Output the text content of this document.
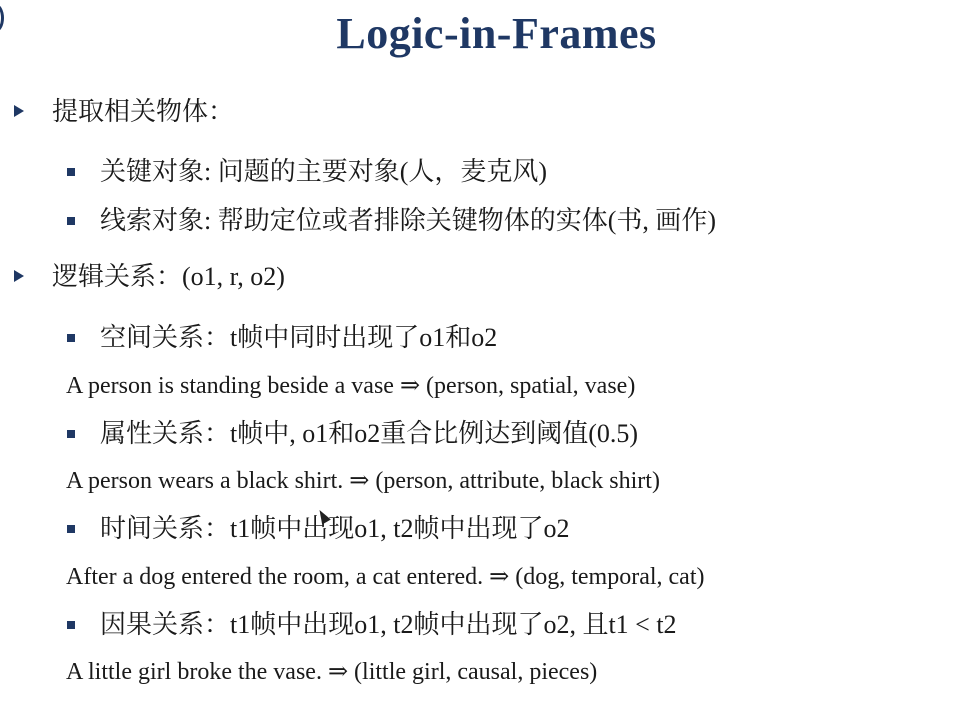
Logic-in-Frames
提取相关物体：
关键对象: 问题的主要对象(人，麦克风)
线索对象: 帮助定位或者排除关键物体的实体(书, 画作)
逻辑关系：(o1, r, o2)
空间关系：t帧中同时出现了o1和o2
A person is standing beside a vase ⇒ (person, spatial, vase)
属性关系：t帧中, o1和o2重合比例达到阈值(0.5)
A person wears a black shirt. ⇒ (person, attribute, black shirt)
时间关系：t1帧中出现o1, t2帧中出现了o2
After a dog entered the room, a cat entered. ⇒ (dog, temporal, cat)
因果关系：t1帧中出现o1, t2帧中出现了o2, 且t1 < t2
A little girl broke the vase. ⇒ (little girl, causal, pieces)
